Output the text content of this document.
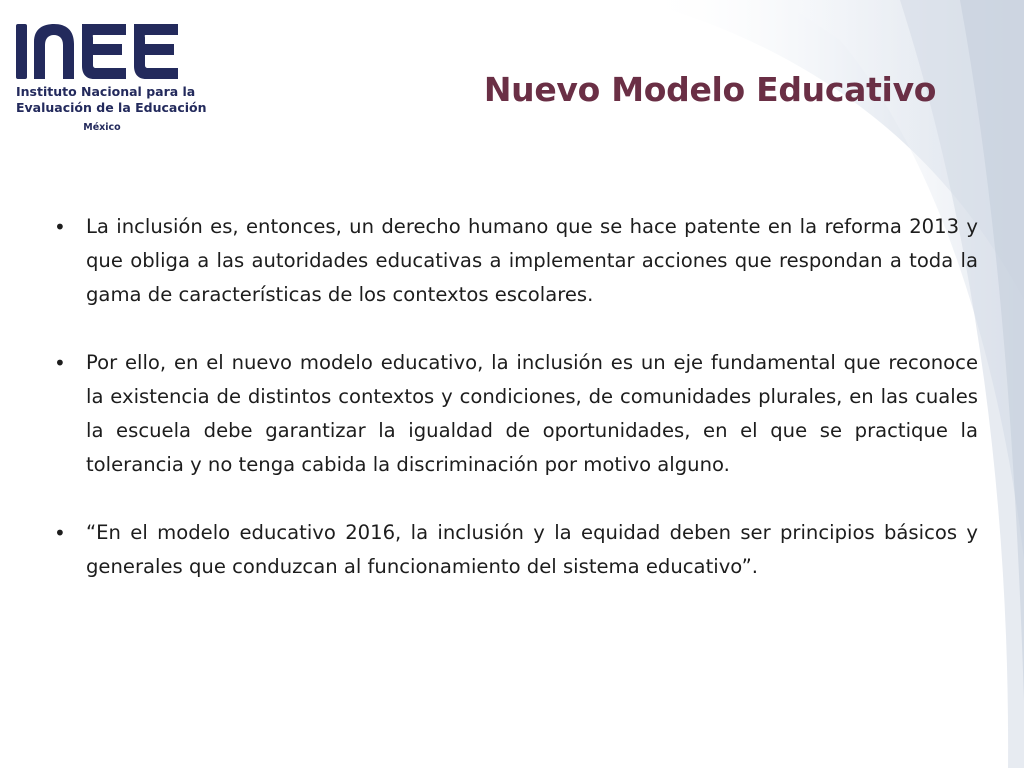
Instituto Nacional para la
Evaluación de la Educación
México
Nuevo Modelo Educativo
• La inclusión es, entonces, un derecho humano que se hace patente en la reforma 2013 y que obliga a las autoridades educativas a implementar acciones que respondan a toda la gama de características de los contextos escolares.
• Por ello, en el nuevo modelo educativo, la inclusión es un eje fundamental que reconoce la existencia de distintos contextos y condiciones, de comunidades plurales, en las cuales la escuela debe garantizar la igualdad de oportunidades, en el que se practique la tolerancia y no tenga cabida la discriminación por motivo alguno.
• “En el modelo educativo 2016, la inclusión y la equidad deben ser principios básicos y generales que conduzcan al funcionamiento del sistema educativo”.
